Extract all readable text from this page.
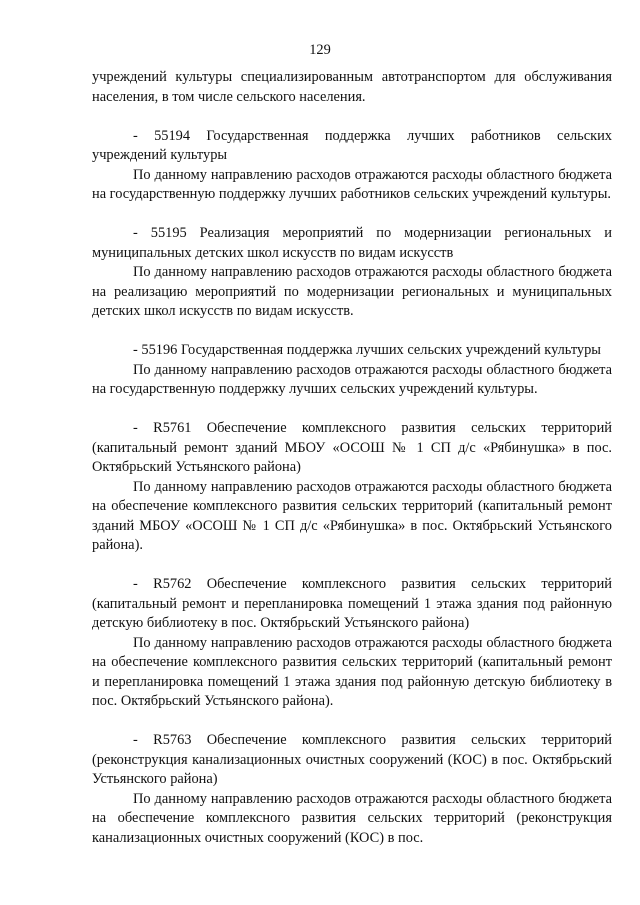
129

учреждений культуры специализированным автотранспортом для обслуживания населения, в том числе сельского населения.

- 55194 Государственная поддержка лучших работников сельских учреждений культуры

По данному направлению расходов отражаются расходы областного бюджета на государственную поддержку лучших работников сельских учреждений культуры.

- 55195 Реализация мероприятий по модернизации региональных и муниципальных детских школ искусств по видам искусств

По данному направлению расходов отражаются расходы областного бюджета на реализацию мероприятий по модернизации региональных и муниципальных детских школ искусств по видам искусств.

- 55196 Государственная поддержка лучших сельских учреждений культуры

По данному направлению расходов отражаются расходы областного бюджета на государственную поддержку лучших сельских учреждений культуры.

- R5761 Обеспечение комплексного развития сельских территорий (капитальный ремонт зданий МБОУ «ОСОШ № 1 СП д/с «Рябинушка» в пос. Октябрьский Устьянского района)

По данному направлению расходов отражаются расходы областного бюджета на обеспечение комплексного развития сельских территорий (капитальный ремонт зданий МБОУ «ОСОШ № 1 СП д/с «Рябинушка» в пос. Октябрьский Устьянского района).

- R5762 Обеспечение комплексного развития сельских территорий (капитальный ремонт и перепланировка помещений 1 этажа здания под районную детскую библиотеку в пос. Октябрьский Устьянского района)

По данному направлению расходов отражаются расходы областного бюджета на обеспечение комплексного развития сельских территорий (капитальный ремонт и перепланировка помещений 1 этажа здания под районную детскую библиотеку в пос. Октябрьский Устьянского района).

- R5763 Обеспечение комплексного развития сельских территорий (реконструкция канализационных очистных сооружений (КОС) в пос. Октябрьский Устьянского района)

По данному направлению расходов отражаются расходы областного бюджета на обеспечение комплексного развития сельских территорий (реконструкция канализационных очистных сооружений (КОС) в пос.
